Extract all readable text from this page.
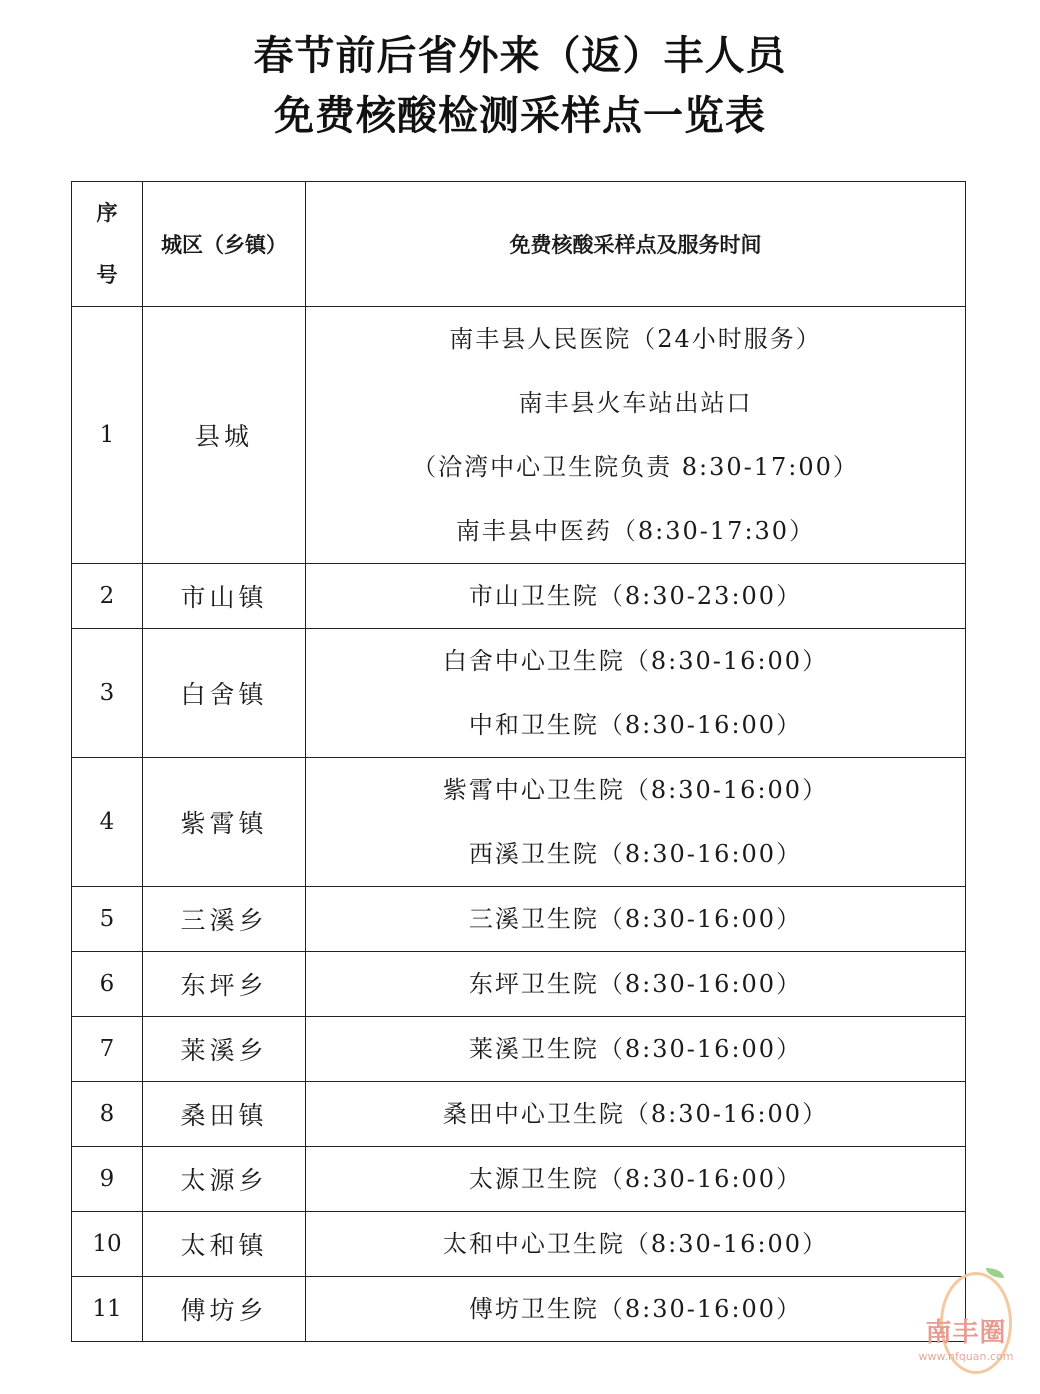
春节前后省外来（返）丰人员
免费核酸检测采样点一览表
序
号	城区（乡镇）	免费核酸采样点及服务时间
1	县城	南丰县人民医院（24小时服务）
南丰县火车站出站口
（洽湾中心卫生院负责 8:30-17:00）
南丰县中医药（8:30-17:30）

2	市山镇	市山卫生院（8:30-23:00）

3	白舍镇	白舍中心卫生院（8:30-16:00）
中和卫生院（8:30-16:00）

4	紫霄镇	紫霄中心卫生院（8:30-16:00）
西溪卫生院（8:30-16:00）

5	三溪乡	三溪卫生院（8:30-16:00）

6	东坪乡	东坪卫生院（8:30-16:00）

7	莱溪乡	莱溪卫生院（8:30-16:00）

8	桑田镇	桑田中心卫生院（8:30-16:00）

9	太源乡	太源卫生院（8:30-16:00）

10	太和镇	太和中心卫生院（8:30-16:00）

11	傅坊乡	傅坊卫生院（8:30-16:00）
南丰圈
www.nfquan.com
